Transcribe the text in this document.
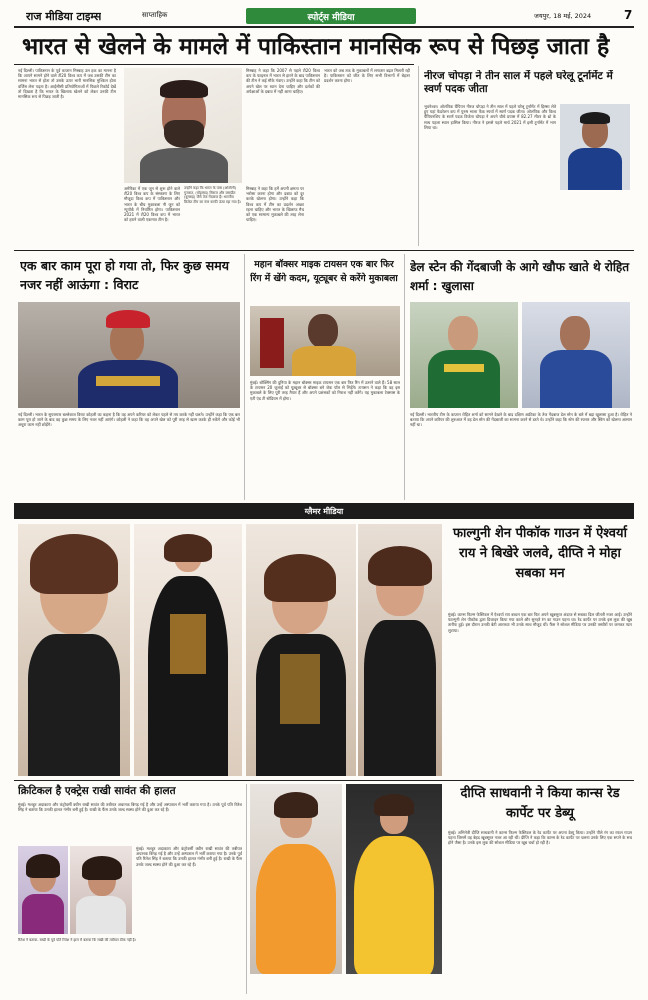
राज मीडिया टाइम्स	साप्ताहिक	स्पोर्ट्स मीडिया	जयपुर, 18 मई, 2024	7
भारत से खेलने के मामले में पाकिस्तान मानसिक रूप से पिछड़ जाता है
नई दिल्ली। पाकिस्तान के पूर्व कप्तान मिस्बाह उल हक का मानना है कि आपने सामने होने वाले टी20 विश्व कप में जब उसकी टीम का सामना भारत से होता तो उसके ऊपर भारी मानसिक मुश्किल होता वर्जिस लेना पड़ता है। आईसीसी प्रतियोगिताओं में पिछले रिकॉर्ड देखें तो दिखता है कि भारत के खिलाफ खेलने को लेकर उनकी टीम मानसिक रूप से पिछड़ जाती है।
अमेरिका में एक जून से शुरू होने वाले टी20 विश्व कप के संस्करण के लिए मौजूदा विश्व कप में पाकिस्तान और भारत के बीच मुकाबला नौ जून को न्यूयॉर्क में निर्धारित होगा। पाकिस्तान 2021 में टी20 विश्व कप में भारत को हराने वाली एकमात्र टीम है।
उन्होंने कहा कि भारत के पास (अश्विनी) गुजरात, (मोहम्मद) सिराज और जसप्रीत (बुमराह) जैसे तेज गेंदबाज हैं। भारतीय क्रिकेट टीम का स्तर काफी ऊंचा रहा गया है।
मिस्बाह ने कहा कि हमें अपनी क्षमता पर भरोसा करना होगा और दबाव को दूर करके खेलना होगा। उन्होंने कहा कि विश्व कप में टीम का प्रदर्शन अच्छा रहना चाहिए और भारत के खिलाफ मैच को एक सामान्य मुकाबले की तरह लेना चाहिए।
मिस्बाह ने कहा कि 2007 से पहले टी20 विश्व कप के फाइनल में भारत से हारने के बाद पाकिस्तान की टीम ने कई मौके गंवाए। उन्होंने कहा कि टीम को अपने खेल पर ध्यान देना चाहिए और दर्शकों की अपेक्षाओं के दबाव में नहीं आना चाहिए।
भारत को अब तक के मुकाबलों में लगातार बढ़त मिलती रही है। पाकिस्तान को जीत के लिए सभी विभागों में बेहतर प्रदर्शन करना होगा।	नीरज चोपड़ा ने तीन साल में पहले घरेलू टूर्नामेंट में स्वर्ण पदक जीता
भुवनेश्वर। ओलंपिक चैंपियन नीरज चोपड़ा ने तीन साल में पहले घरेलू टूर्नामेंट में हिस्सा लेते हुए यहां फेडरेशन कप में पुरुष भाला फेंक स्पर्धा में स्वर्ण पदक जीता। ओलंपिक और विश्व चैंपियनशिप के स्वर्ण पदक विजेता चोपड़ा ने अपने चौथे प्रयास में 82.27 मीटर के थ्रो के साथ पहला स्थान हासिल किया। नीरज ने इससे पहले मार्च 2021 में इसी टूर्नामेंट में भाग लिया था।
एक बार काम पूरा हो गया तो, फिर कुछ समय नजर नहीं आऊंगा : विराट
नई दिल्ली। भारत के सुपरस्टार बल्लेबाज विराट कोहली का कहना है कि वह अपने करियर को लेकर पहले से तय करके नहीं चलते। उन्होंने कहा कि एक बार काम पूरा हो जाने के बाद वह कुछ समय के लिए नजर नहीं आएंगे। कोहली ने कहा कि वह अपने खेल को पूरी तरह से खत्म करके ही रुकेंगे और कोई भी अधूरा काम नहीं छोड़ेंगे।
महान बॉक्सर माइक टायसन एक बार फिर रिंग में खेंगे कदम, यूट्यूबर से करेंगे मुकाबला
मुंबई। बॉक्सिंग की दुनिया के महान बॉक्सर माइक टायसन एक बार फिर रिंग में उतरने वाले हैं। 58 साल के टायसन 20 जुलाई को यूट्यूबर से बॉक्सर बने जेक पॉल से भिड़ेंगे। टायसन ने कहा कि वह इस मुकाबले के लिए पूरी तरह तैयार हैं और अपने प्रशंसकों को निराश नहीं करेंगे। यह मुकाबला टेक्सास के एटी एंड टी स्टेडियम में होगा।
डेल स्टेन की गेंदबाजी के आगे खौफ खाते थे रोहित शर्मा : खुलासा
नई दिल्ली। भारतीय टीम के कप्तान रोहित शर्मा को सामने देखने के बाद दक्षिण अफ्रीका के तेज गेंदबाज डेल स्टेन के बारे में बड़ा खुलासा हुआ है। रोहित ने बताया कि अपने करियर की शुरुआत में वह डेल स्टेन की गेंदबाजी का सामना करने से डरते थे। उन्होंने कहा कि स्टेन की रफ्तार और स्विंग को खेलना आसान नहीं था।
ग्लैमर मीडिया
फाल्गुनी शेन पीकॉक गाउन में ऐश्वर्या राय ने बिखेरे जलवे, दीप्ति ने मोहा सबका मन
मुंबई। कान्स फिल्म फेस्टिवल में ऐश्वर्या राय बच्चन एक बार फिर अपने खूबसूरत अंदाज से सबका दिल जीतती नजर आईं। उन्होंने फाल्गुनी शेन पीकॉक द्वारा डिजाइन किया गया काले और सुनहरे रंग का गाउन पहना था। रेड कार्पेट पर उनके इस लुक की खूब तारीफ हुई। इस दौरान उनकी बेटी आराध्या भी उनके साथ मौजूद थीं। फैंस ने सोशल मीडिया पर उनकी तस्वीरों पर जमकर प्यार लुटाया।
क्रिटिकल है एक्ट्रेस राखी सावंत की हालत
मुंबई। मशहूर अदाकारा और कंट्रोवर्सी क्वीन राखी सावंत की तबीयत अचानक बिगड़ गई है और उन्हें अस्पताल में भर्ती कराया गया है। उनके पूर्व पति रितेश सिंह ने बताया कि उनकी हालत गंभीर बनी हुई है। राखी के फैंस उनके जल्द स्वस्थ होने की दुआ कर रहे हैं।
मुंबई। मशहूर अदाकारा और कंट्रोवर्सी क्वीन राखी सावंत की तबीयत अचानक बिगड़ गई है और उन्हें अस्पताल में भर्ती कराया गया है। उनके पूर्व पति रितेश सिंह ने बताया कि उनकी हालत गंभीर बनी हुई है। राखी के फैंस उनके जल्द स्वस्थ होने की दुआ कर रहे हैं।
रितेश ने बताया- राखी के पूर्व पति रितेश ने हाल में बताया कि राखी की तबीयत ठीक नहीं है।
दीप्ति साधवानी ने किया कान्स रेड कार्पेट पर डेब्यू
मुंबई। अभिनेत्री दीप्ति साधवानी ने कान्स फिल्म फेस्टिवल के रेड कार्पेट पर अपना डेब्यू किया। उन्होंने पीले रंग का रफल गाउन पहना जिसमें वह बेहद खूबसूरत नजर आ रही थीं। दीप्ति ने कहा कि कान्स के रेड कार्पेट पर चलना उनके लिए एक सपने के सच होने जैसा है। उनके इस लुक की सोशल मीडिया पर खूब चर्चा हो रही है।
